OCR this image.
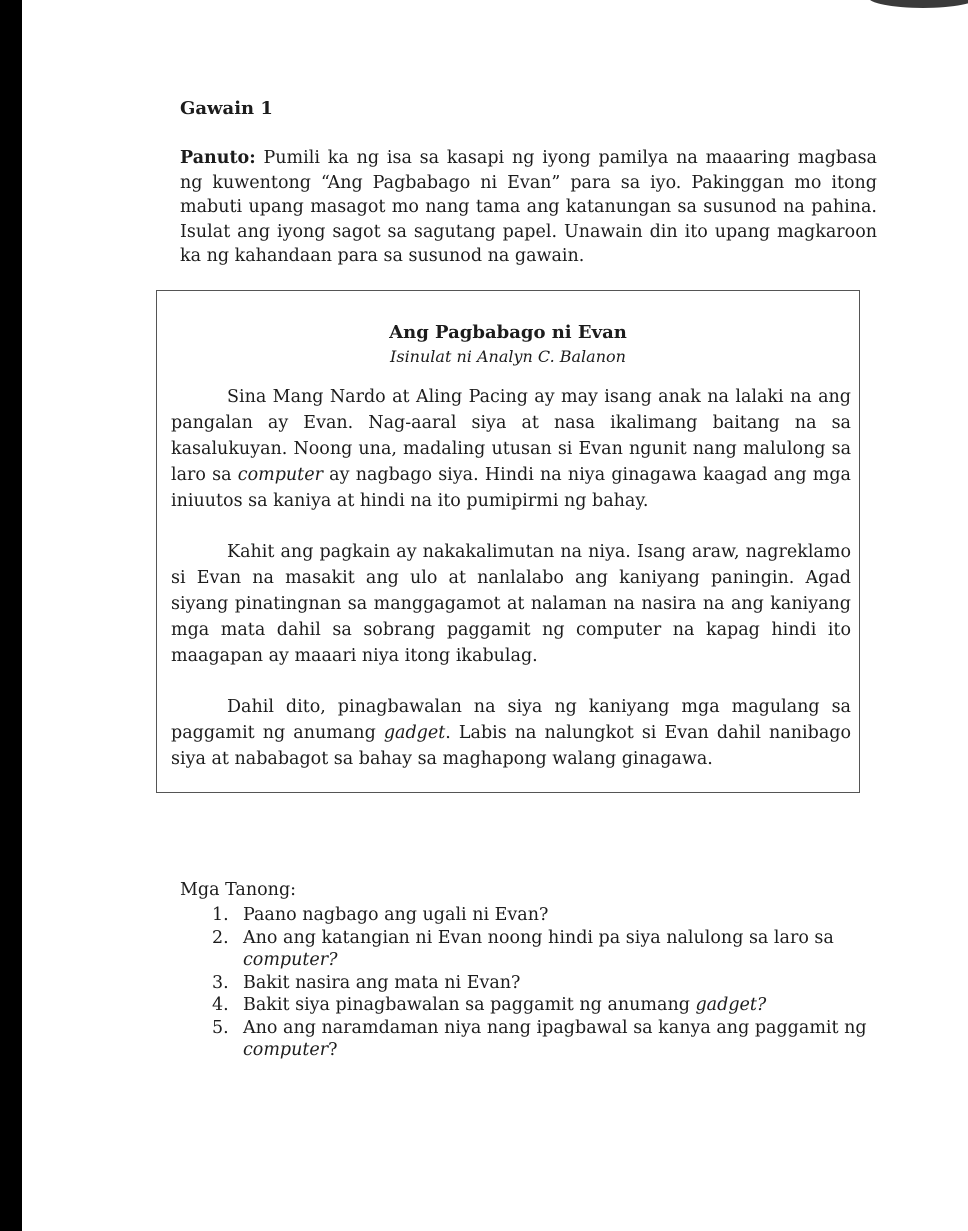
Gawain 1

Panuto: Pumili ka ng isa sa kasapi ng iyong pamilya na maaaring magbasa ng kuwentong “Ang Pagbabago ni Evan” para sa iyo. Pakinggan mo itong mabuti upang masagot mo nang tama ang katanungan sa susunod na pahina. Isulat ang iyong sagot sa sagutang papel. Unawain din ito upang magkaroon ka ng kahandaan para sa susunod na gawain.

Ang Pagbabago ni Evan

Isinulat ni Analyn C. Balanon

Sina Mang Nardo at Aling Pacing ay may isang anak na lalaki na ang pangalan ay Evan. Nag-aaral siya at nasa ikalimang baitang na sa kasalukuyan. Noong una, madaling utusan si Evan ngunit nang malulong sa laro sa computer ay nagbago siya. Hindi na niya ginagawa kaagad ang mga iniuutos sa kaniya at hindi na ito pumipirmi ng bahay.

Kahit ang pagkain ay nakakalimutan na niya. Isang araw, nagreklamo si Evan na masakit ang ulo at nanlalabo ang kaniyang paningin. Agad siyang pinatingnan sa manggagamot at nalaman na nasira na ang kaniyang mga mata dahil sa sobrang paggamit ng computer na kapag hindi ito maagapan ay maaari niya itong ikabulag.

Dahil dito, pinagbawalan na siya ng kaniyang mga magulang sa paggamit ng anumang gadget. Labis na nalungkot si Evan dahil nanibago siya at nababagot sa bahay sa maghapong walang ginagawa.

Mga Tanong:

1. Paano nagbago ang ugali ni Evan?
2. Ano ang katangian ni Evan noong hindi pa siya nalulong sa laro sa computer?
3. Bakit nasira ang mata ni Evan?
4. Bakit siya pinagbawalan sa paggamit ng anumang gadget?
5. Ano ang naramdaman niya nang ipagbawal sa kanya ang paggamit ng computer?
